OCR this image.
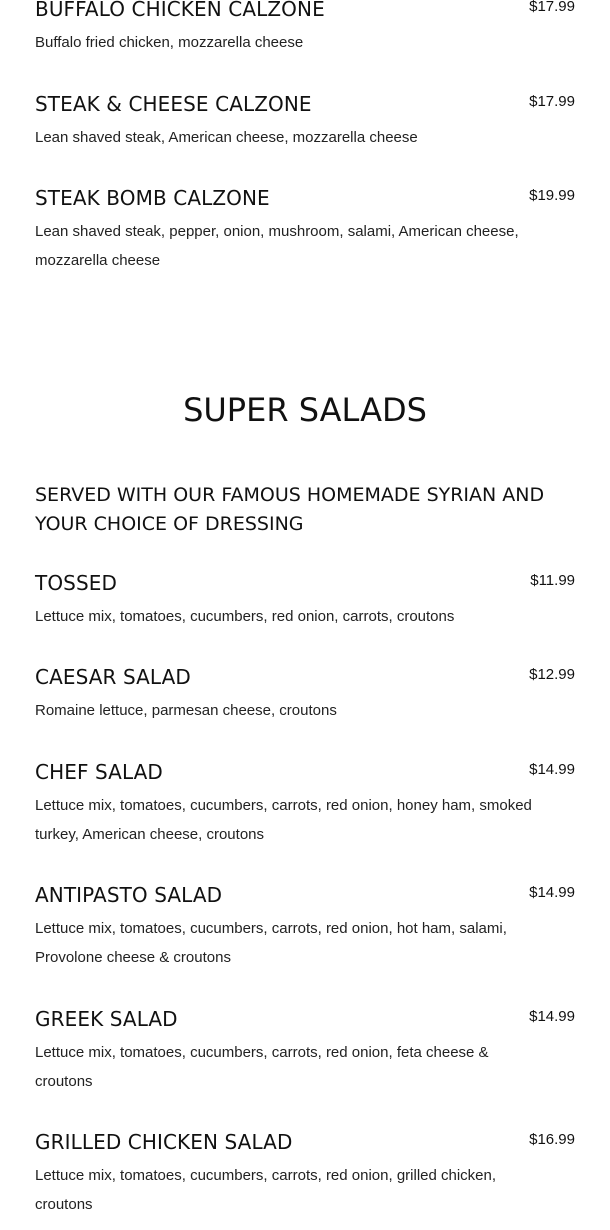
BUFFALO CHICKEN CALZONE	$17.99
Buffalo fried chicken, mozzarella cheese
STEAK & CHEESE CALZONE	$17.99
Lean shaved steak, American cheese, mozzarella cheese
STEAK BOMB CALZONE	$19.99
Lean shaved steak, pepper, onion, mushroom, salami, American cheese, mozzarella cheese
SUPER SALADS

SERVED WITH OUR FAMOUS HOMEMADE SYRIAN AND YOUR CHOICE OF DRESSING

TOSSED	$11.99
Lettuce mix, tomatoes, cucumbers, red onion, carrots, croutons
CAESAR SALAD	$12.99
Romaine lettuce, parmesan cheese, croutons
CHEF SALAD	$14.99
Lettuce mix, tomatoes, cucumbers, carrots, red onion, honey ham, smoked turkey, American cheese, croutons
ANTIPASTO SALAD	$14.99
Lettuce mix, tomatoes, cucumbers, carrots, red onion, hot ham, salami, Provolone cheese & croutons
GREEK SALAD	$14.99
Lettuce mix, tomatoes, cucumbers, carrots, red onion, feta cheese & croutons
GRILLED CHICKEN SALAD	$16.99
Lettuce mix, tomatoes, cucumbers, carrots, red onion, grilled chicken, croutons
